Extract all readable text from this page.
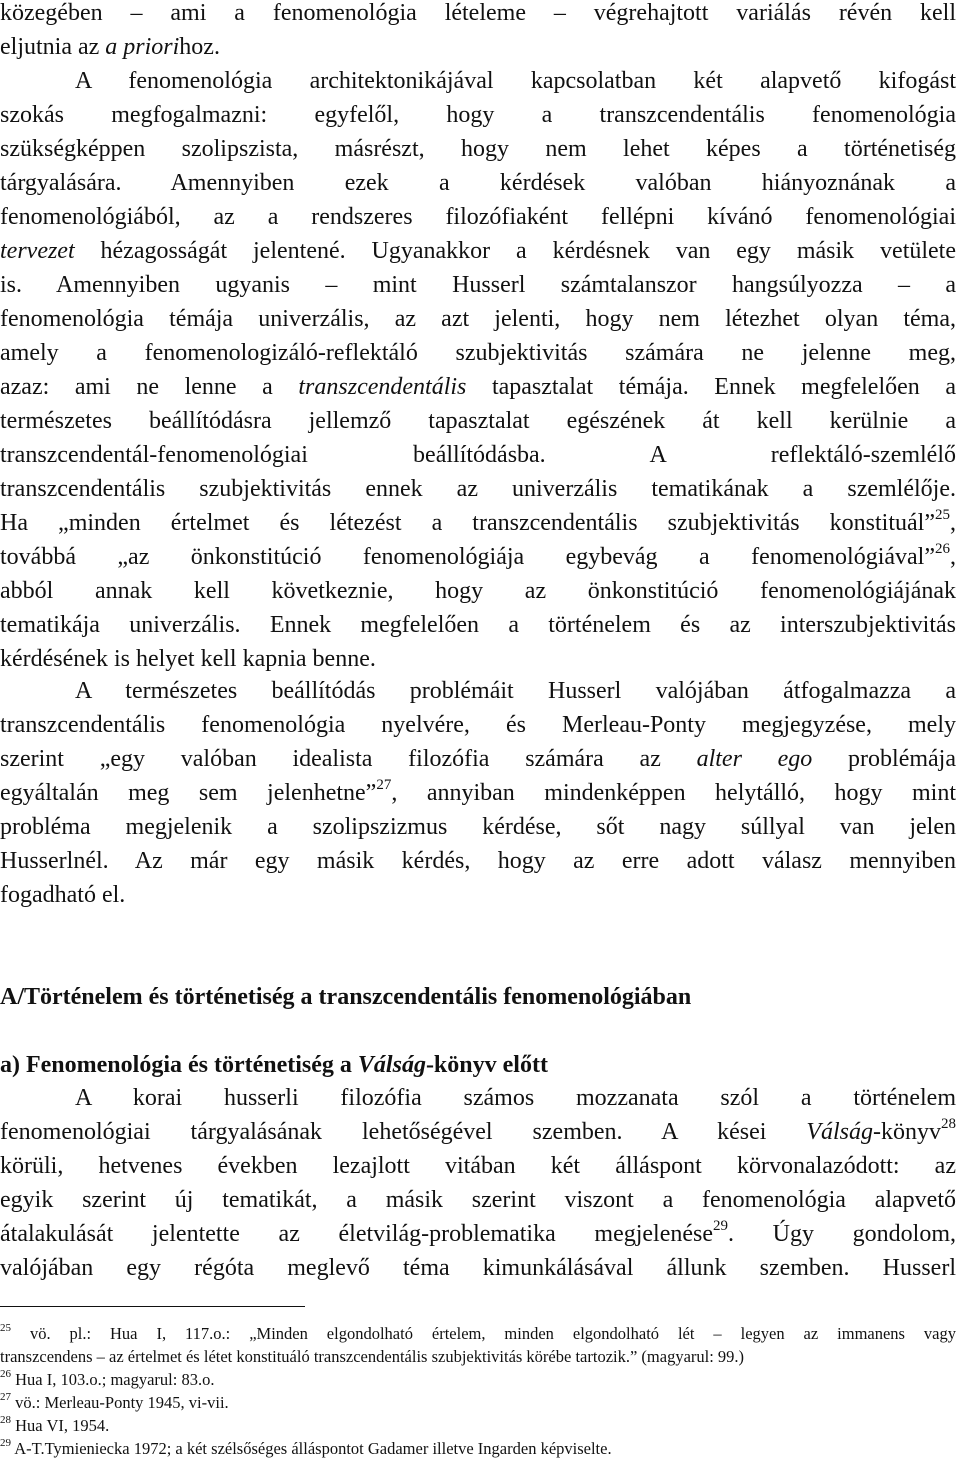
közegében – ami a fenomenológia lételeme – végrehajtott variálás révén kell
eljutnia az a priorihoz.
A fenomenológia architektonikájával kapcsolatban két alapvető kifogást
szokás megfogalmazni: egyfelől, hogy a transzcendentális fenomenológia
szükségképpen szolipszista, másrészt, hogy nem lehet képes a történetiség
tárgyalására. Amennyiben ezek a kérdések valóban hiányoznának a
fenomenológiából, az a rendszeres filozófiaként fellépni kívánó fenomenológiai
tervezet hézagosságát jelentené. Ugyanakkor a kérdésnek van egy másik vetülete
is. Amennyiben ugyanis – mint Husserl számtalanszor hangsúlyozza – a
fenomenológia témája univerzális, az azt jelenti, hogy nem létezhet olyan téma,
amely a fenomenologizáló-reflektáló szubjektivitás számára ne jelenne meg,
azaz: ami ne lenne a transzcendentális tapasztalat témája. Ennek megfelelően a
természetes beállítódásra jellemző tapasztalat egészének át kell kerülnie a
transzcendentál-fenomenológiai beállítódásba. A reflektáló-szemlélő
transzcendentális szubjektivitás ennek az univerzális tematikának a szemlélője.
Ha „minden értelmet és létezést a transzcendentális szubjektivitás konstituál”$^{25}$,
továbbá „az önkonstitúció fenomenológiája egybevág a fenomenológiával”$^{26}$,
abból annak kell következnie, hogy az önkonstitúció fenomenológiájának
tematikája univerzális. Ennek megfelelően a történelem és az interszubjektivitás
kérdésének is helyet kell kapnia benne.
A természetes beállítódás problémáit Husserl valójában átfogalmazza a
transzcendentális fenomenológia nyelvére, és Merleau-Ponty megjegyzése, mely
szerint „egy valóban idealista filozófia számára az alter ego problémája
egyáltalán meg sem jelenhetne”$^{27}$, annyiban mindenképpen helytálló, hogy mint
probléma megjelenik a szolipszizmus kérdése, sőt nagy súllyal van jelen
Husserlnél. Az már egy másik kérdés, hogy az erre adott válasz mennyiben
fogadható el.
A/Történelem és történetiség a transzcendentális fenomenológiában
a) Fenomenológia és történetiség a Válság-könyv előtt
A korai husserli filozófia számos mozzanata szól a történelem
fenomenológiai tárgyalásának lehetőségével szemben. A kései Válság-könyv$^{28}$
körüli, hetvenes években lezajlott vitában két álláspont körvonalazódott: az
egyik szerint új tematikát, a másik szerint viszont a fenomenológia alapvető
átalakulását jelentette az életvilág-problematika megjelenése$^{29}$. Úgy gondolom,
valójában egy régóta meglevő téma kimunkálásával állunk szemben. Husserl
$^{25}$ vö. pl.: Hua I, 117.o.: „Minden elgondolható értelem, minden elgondolható lét – legyen az immanens vagy
transzcendens – az értelmet és létet konstituáló transzcendentális szubjektivitás körébe tartozik.” (magyarul: 99.)
$^{26}$ Hua I, 103.o.; magyarul: 83.o.
$^{27}$ vö.: Merleau-Ponty 1945, vi-vii.
$^{28}$ Hua VI, 1954.
$^{29}$ A-T.Tymieniecka 1972; a két szélsőséges álláspontot Gadamer illetve Ingarden képviselte.
